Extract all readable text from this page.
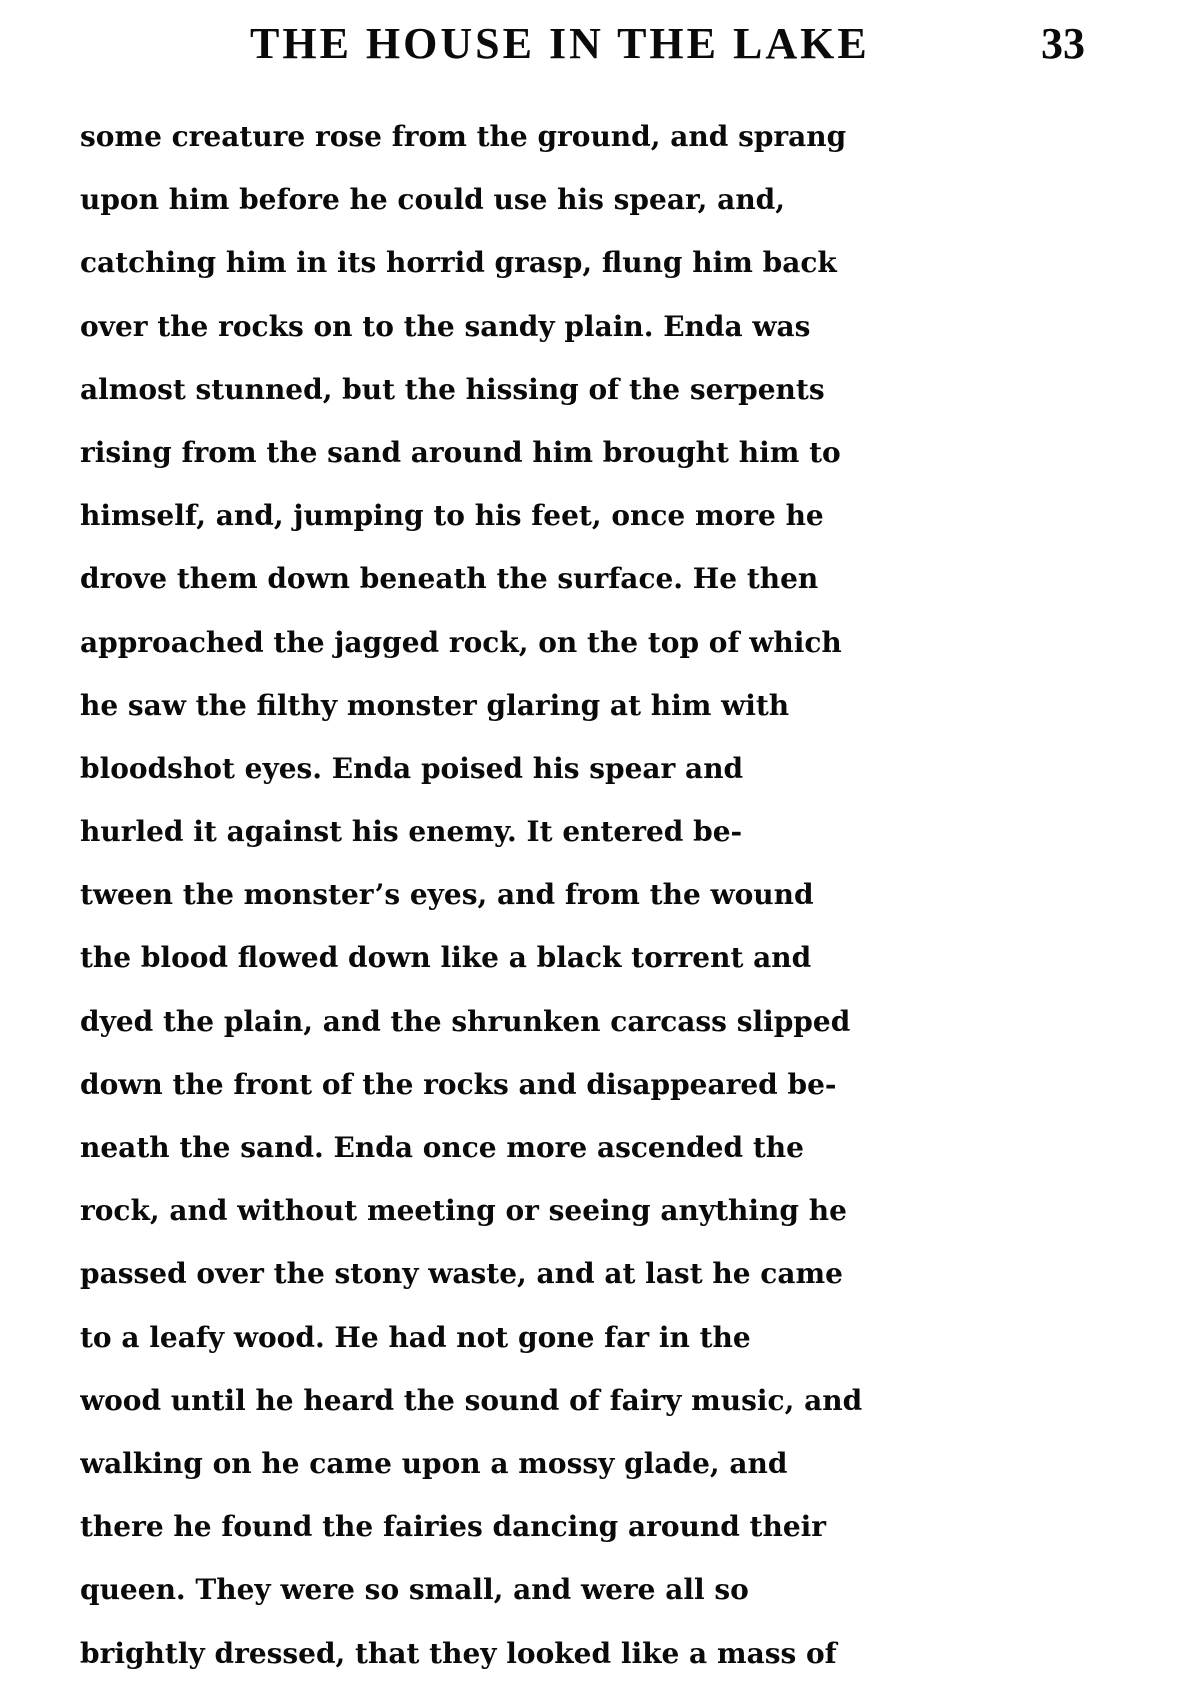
THE HOUSE IN THE LAKE	33
some creature rose from the ground, and sprang
upon him before he could use his spear, and,
catching him in its horrid grasp, flung him back
over the rocks on to the sandy plain. Enda was
almost stunned, but the hissing of the serpents
rising from the sand around him brought him to
himself, and, jumping to his feet, once more he
drove them down beneath the surface. He then
approached the jagged rock, on the top of which
he saw the filthy monster glaring at him with
bloodshot eyes. Enda poised his spear and
hurled it against his enemy. It entered be-
tween the monster’s eyes, and from the wound
the blood flowed down like a black torrent and
dyed the plain, and the shrunken carcass slipped
down the front of the rocks and disappeared be-
neath the sand. Enda once more ascended the
rock, and without meeting or seeing anything he
passed over the stony waste, and at last he came
to a leafy wood. He had not gone far in the
wood until he heard the sound of fairy music, and
walking on he came upon a mossy glade, and
there he found the fairies dancing around their
queen. They were so small, and were all so
brightly dressed, that they looked like a mass of
